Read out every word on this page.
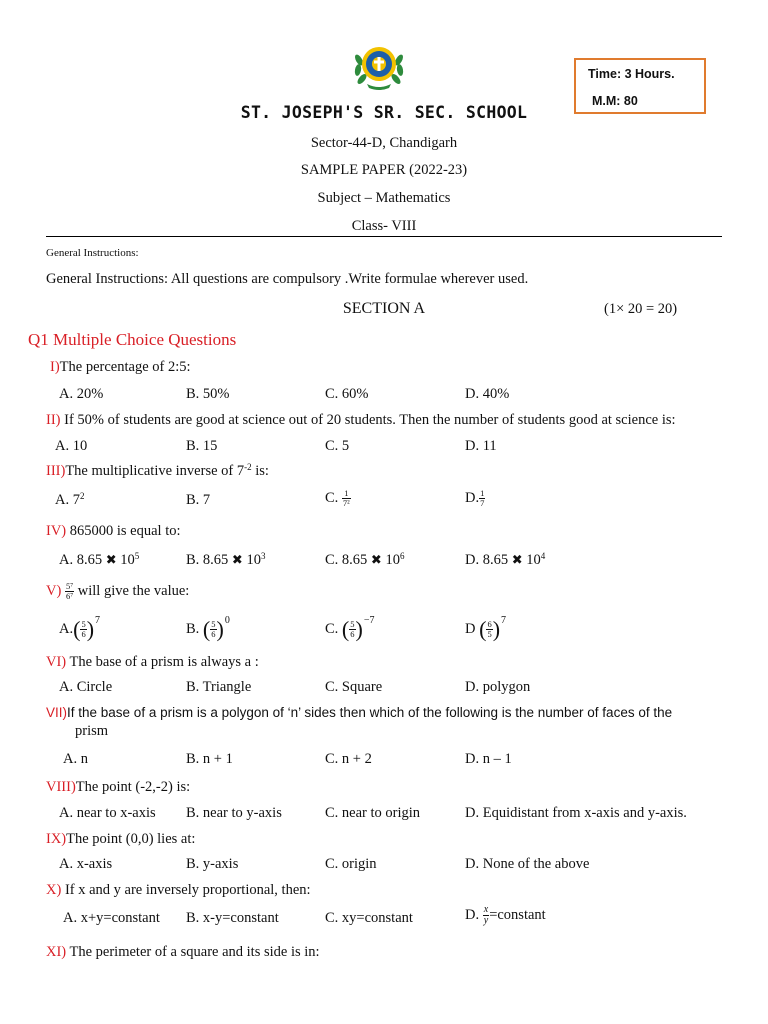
Time: 3 Hours.
M.M: 80
ST. JOSEPH'S SR. SEC. SCHOOL
Sector-44-D, Chandigarh
SAMPLE PAPER (2022-23)
Subject – Mathematics
Class- VIII
General Instructions:
General Instructions: All questions are compulsory .Write formulae wherever used.
SECTION A	(1× 20 = 20)
Q1 Multiple Choice Questions
I)The percentage of 2:5:
A. 20%	B. 50%	C. 60%	D. 40%
II) If 50% of students are good at science out of 20 students. Then the number of students good at science is:
A. 10	B. 15	C. 5	D. 11
III)The multiplicative inverse of $7^{-2}$ is:
A. $7^2$	B. 7	C. $\frac{1}{\text{7²}}$	D. $\frac{1}{7}$
IV) 865000 is equal to:
A. 8.65 ✖ $10^5$	B. 8.65 ✖ $10^3$	C. 8.65 ✖ $10^6$	D. 8.65 ✖ $10^4$
$V) \frac{\text{5⁷}}{\text{6⁷}}$ will give the value:
$A.( \frac{5}{6} )^7$
B. ( $\frac{5}{6} )^0$
C. ( $\frac{5}{6} )^{-7}$
D ( $\frac{6}{5} )^7$
VI) The base of a prism is always a :
A. Circle	B. Triangle	C. Square	D. polygon
VII)If the base of a prism is a polygon of ‘n’ sides then which of the following is the number of faces of the
prism
A. n	B. n + 1	C. n + 2	D. n – 1
VIII)The point (-2,-2) is:
A. near to x-axis B. near to y-axis	C. near to origin	D. Equidistant from x-axis and y-axis.
IX)The point (0,0) lies at:
A. x-axis	B. y-axis	C. origin	D. None of the above
X) If x and y are inversely proportional, then:
A. x+y=constant B. x-y=constant	C. xy=constant	D. $\frac{x}{y}$ =constant
XI) The perimeter of a square and its side is in:
